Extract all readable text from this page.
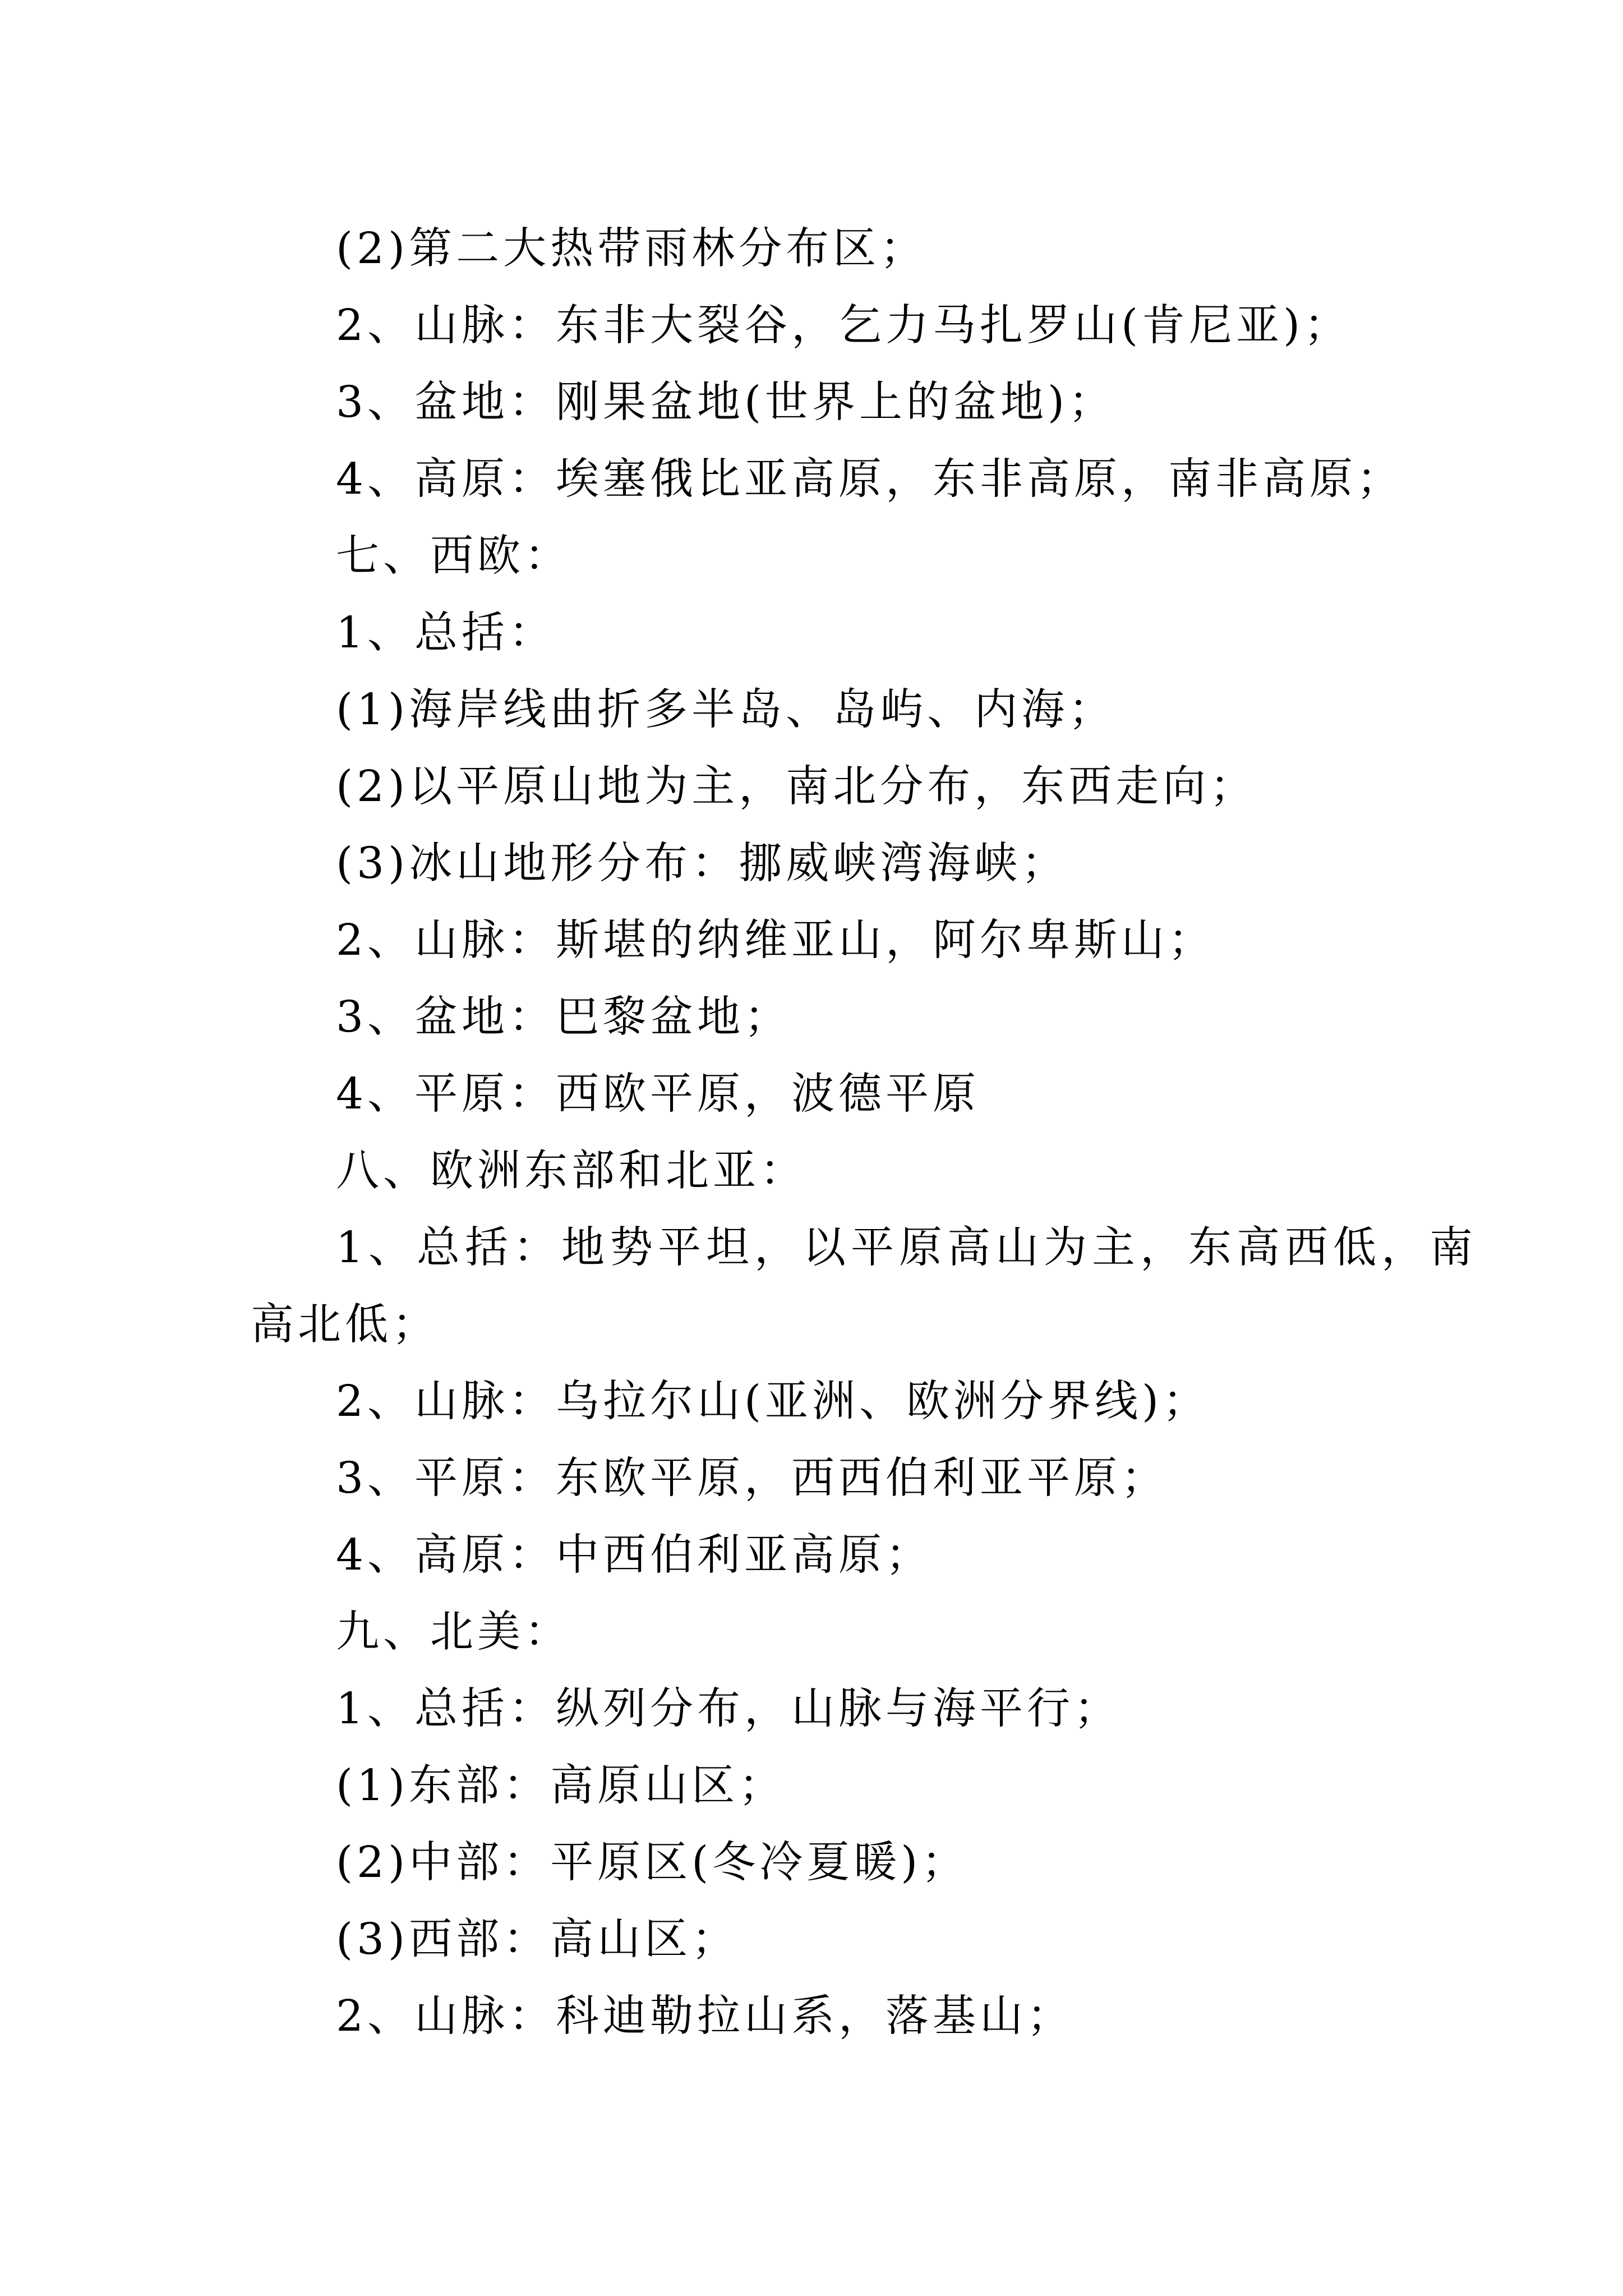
(2)第二大热带雨林分布区；
2、山脉：东非大裂谷，乞力马扎罗山(肯尼亚)；
3、盆地：刚果盆地(世界上的盆地)；
4、高原：埃塞俄比亚高原，东非高原，南非高原；
七、西欧：
1、总括：
(1)海岸线曲折多半岛、岛屿、内海；
(2)以平原山地为主，南北分布，东西走向；
(3)冰山地形分布：挪威峡湾海峡；
2、山脉：斯堪的纳维亚山，阿尔卑斯山；
3、盆地：巴黎盆地；
4、平原：西欧平原，波德平原
八、欧洲东部和北亚：
1、总括：地势平坦，以平原高山为主，东高西低，南
高北低；
2、山脉：乌拉尔山(亚洲、欧洲分界线)；
3、平原：东欧平原，西西伯利亚平原；
4、高原：中西伯利亚高原；
九、北美：
1、总括：纵列分布，山脉与海平行；
(1)东部：高原山区；
(2)中部：平原区(冬冷夏暖)；
(3)西部：高山区；
2、山脉：科迪勒拉山系，落基山；
